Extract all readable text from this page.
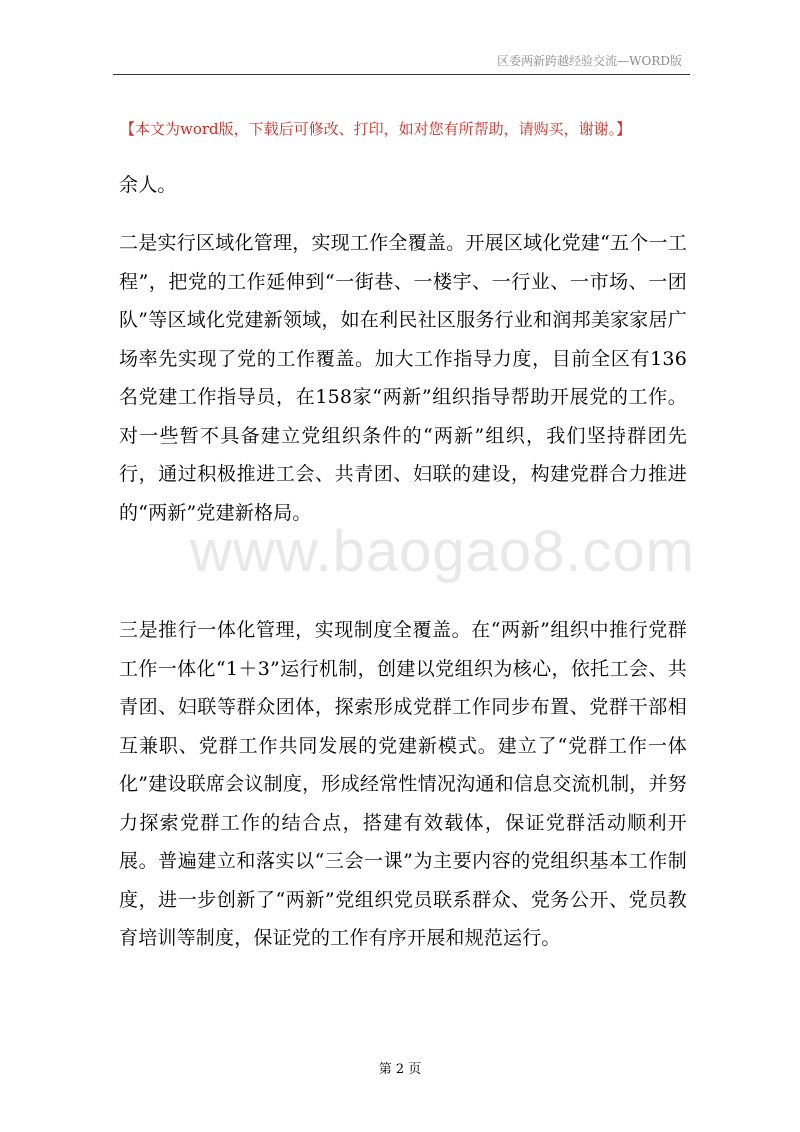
区委两新跨越经验交流—WORD版
【本文为word版，下载后可修改、打印，如对您有所帮助，请购买，谢谢。】

余人。

二是实行区域化管理，实现工作全覆盖。开展区域化党建“五个一工程”，把党的工作延伸到“一街巷、一楼宇、一行业、一市场、一团队”等区域化党建新领域，如在利民社区服务行业和润邦美家家居广场率先实现了党的工作覆盖。加大工作指导力度，目前全区有136名党建工作指导员，在158家“两新”组织指导帮助开展党的工作。对一些暂不具备建立党组织条件的“两新”组织，我们坚持群团先行，通过积极推进工会、共青团、妇联的建设，构建党群合力推进的“两新”党建新格局。

www.baogao8.com

三是推行一体化管理，实现制度全覆盖。在“两新”组织中推行党群工作一体化“1＋3”运行机制，创建以党组织为核心，依托工会、共青团、妇联等群众团体，探索形成党群工作同步布置、党群干部相互兼职、党群工作共同发展的党建新模式。建立了“党群工作一体化”建设联席会议制度，形成经常性情况沟通和信息交流机制，并努力探索党群工作的结合点，搭建有效载体，保证党群活动顺利开展。普遍建立和落实以“三会一课”为主要内容的党组织基本工作制度，进一步创新了“两新”党组织党员联系群众、党务公开、党员教育培训等制度，保证党的工作有序开展和规范运行。

第 2 页
